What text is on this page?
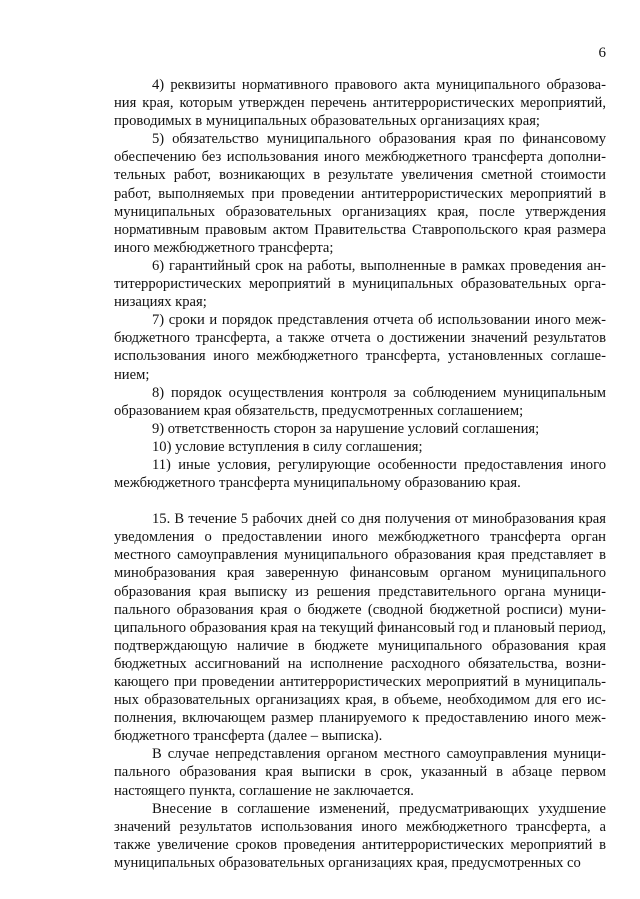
6

4) реквизиты нормативного правового акта муниципального образования края, которым утвержден перечень антитеррористических мероприятий, проводимых в муниципальных образовательных организациях края;

5) обязательство муниципального образования края по финансовому обеспечению без использования иного межбюджетного трансферта дополнительных работ, возникающих в результате увеличения сметной стоимости работ, выполняемых при проведении антитеррористических мероприятий в муниципальных образовательных организациях края, после утверждения нормативным правовым актом Правительства Ставропольского края размера иного межбюджетного трансферта;

6) гарантийный срок на работы, выполненные в рамках проведения антитеррористических мероприятий в муниципальных образовательных организациях края;

7) сроки и порядок представления отчета об использовании иного межбюджетного трансферта, а также отчета о достижении значений результатов использования иного межбюджетного трансферта, установленных соглашением;

8) порядок осуществления контроля за соблюдением муниципальным образованием края обязательств, предусмотренных соглашением;

9) ответственность сторон за нарушение условий соглашения;

10) условие вступления в силу соглашения;

11) иные условия, регулирующие особенности предоставления иного межбюджетного трансферта муниципальному образованию края.

15. В течение 5 рабочих дней со дня получения от минобразования края уведомления о предоставлении иного межбюджетного трансферта орган местного самоуправления муниципального образования края представляет в минобразования края заверенную финансовым органом муниципального образования края выписку из решения представительного органа муниципального образования края о бюджете (сводной бюджетной росписи) муниципального образования края на текущий финансовый год и плановый период, подтверждающую наличие в бюджете муниципального образования края бюджетных ассигнований на исполнение расходного обязательства, возникающего при проведении антитеррористических мероприятий в муниципальных образовательных организациях края, в объеме, необходимом для его исполнения, включающем размер планируемого к предоставлению иного межбюджетного трансферта (далее – выписка).

В случае непредставления органом местного самоуправления муниципального образования края выписки в срок, указанный в абзаце первом настоящего пункта, соглашение не заключается.

Внесение в соглашение изменений, предусматривающих ухудшение значений результатов использования иного межбюджетного трансферта, а также увеличение сроков проведения антитеррористических мероприятий в муниципальных образовательных организациях края, предусмотренных со
